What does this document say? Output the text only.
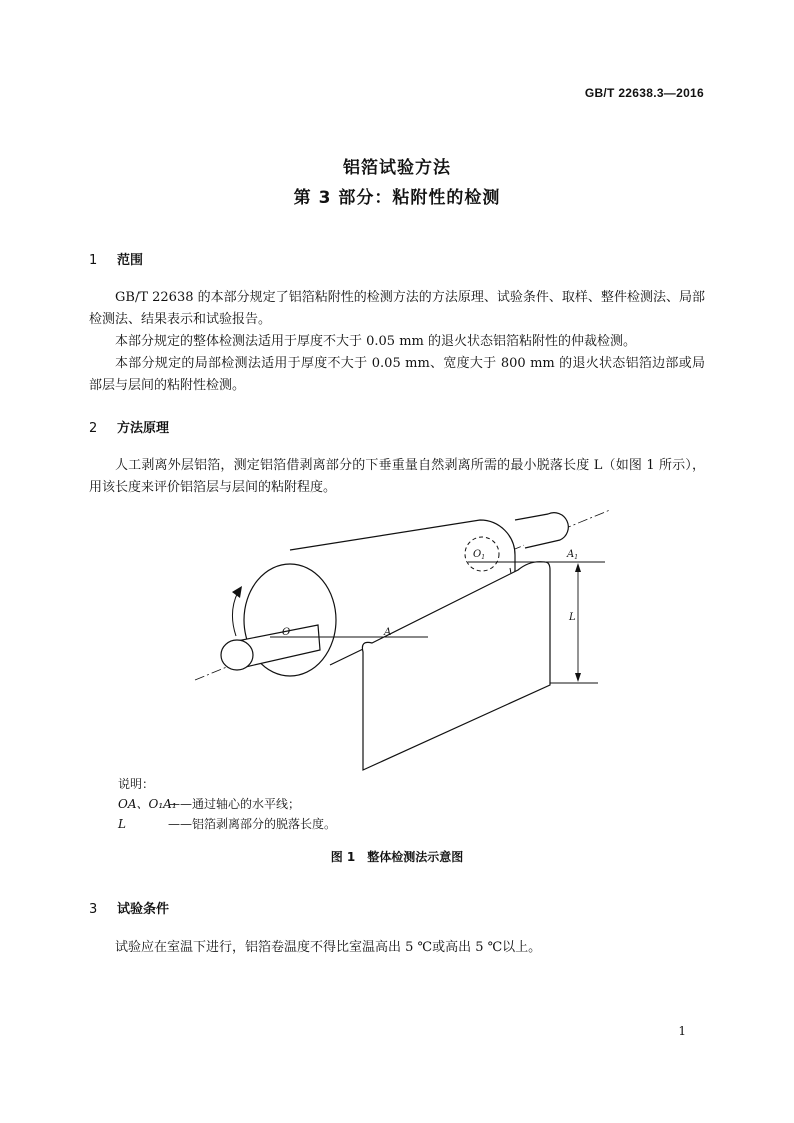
GB/T 22638.3—2016
铝箔试验方法
第 3 部分：粘附性的检测
1 范围

GB/T 22638 的本部分规定了铝箔粘附性的检测方法的方法原理、试验条件、取样、整件检测法、局部检测法、结果表示和试验报告。

本部分规定的整体检测法适用于厚度不大于 0.05 mm 的退火状态铝箔粘附性的仲裁检测。

本部分规定的局部检测法适用于厚度不大于 0.05 mm、宽度大于 800 mm 的退火状态铝箔边部或局部层与层间的粘附性检测。

2 方法原理

人工剥离外层铝箔，测定铝箔借剥离部分的下垂重量自然剥离所需的最小脱落长度 L（如图 1 所示），用该长度来评价铝箔层与层间的粘附程度。

O	A
$O_1$	$A_1$
L
说明：
OA、O₁A₁——通过轴心的水平线；
L	——铝箔剥离部分的脱落长度。
图 1　整体检测法示意图
3 试验条件

试验应在室温下进行，铝箔卷温度不得比室温高出 5 ℃或高出 5 ℃以上。

1
